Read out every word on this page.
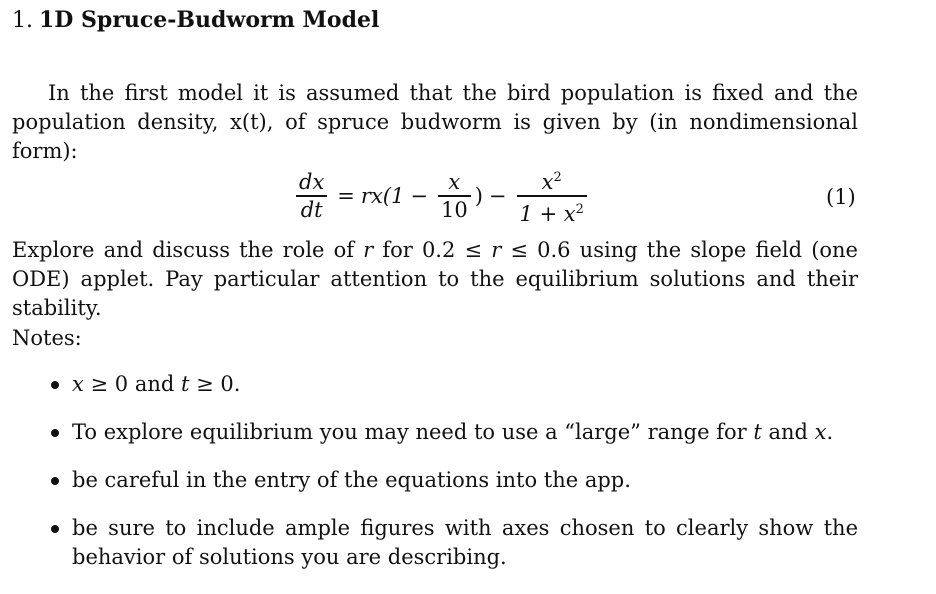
1. 1D Spruce-Budworm Model

In the first model it is assumed that the bird population is fixed and the population density, x(t), of spruce budworm is given by (in nondimensional form):

$\frac{dx}{dt} = rx(1 - \frac{x}{10}$ ) − $\frac{x^2}{1 + x^2}$	(1)

Explore and discuss the role of r for 0.2 ≤ r ≤ 0.6 using the slope field (one ODE) applet. Pay particular attention to the equilibrium solutions and their stability.

Notes:
x ≥ 0 and t ≥ 0.
To explore equilibrium you may need to use a “large” range for t and x.
be careful in the entry of the equations into the app.
be sure to include ample figures with axes chosen to clearly show the behavior of solutions you are describing.
